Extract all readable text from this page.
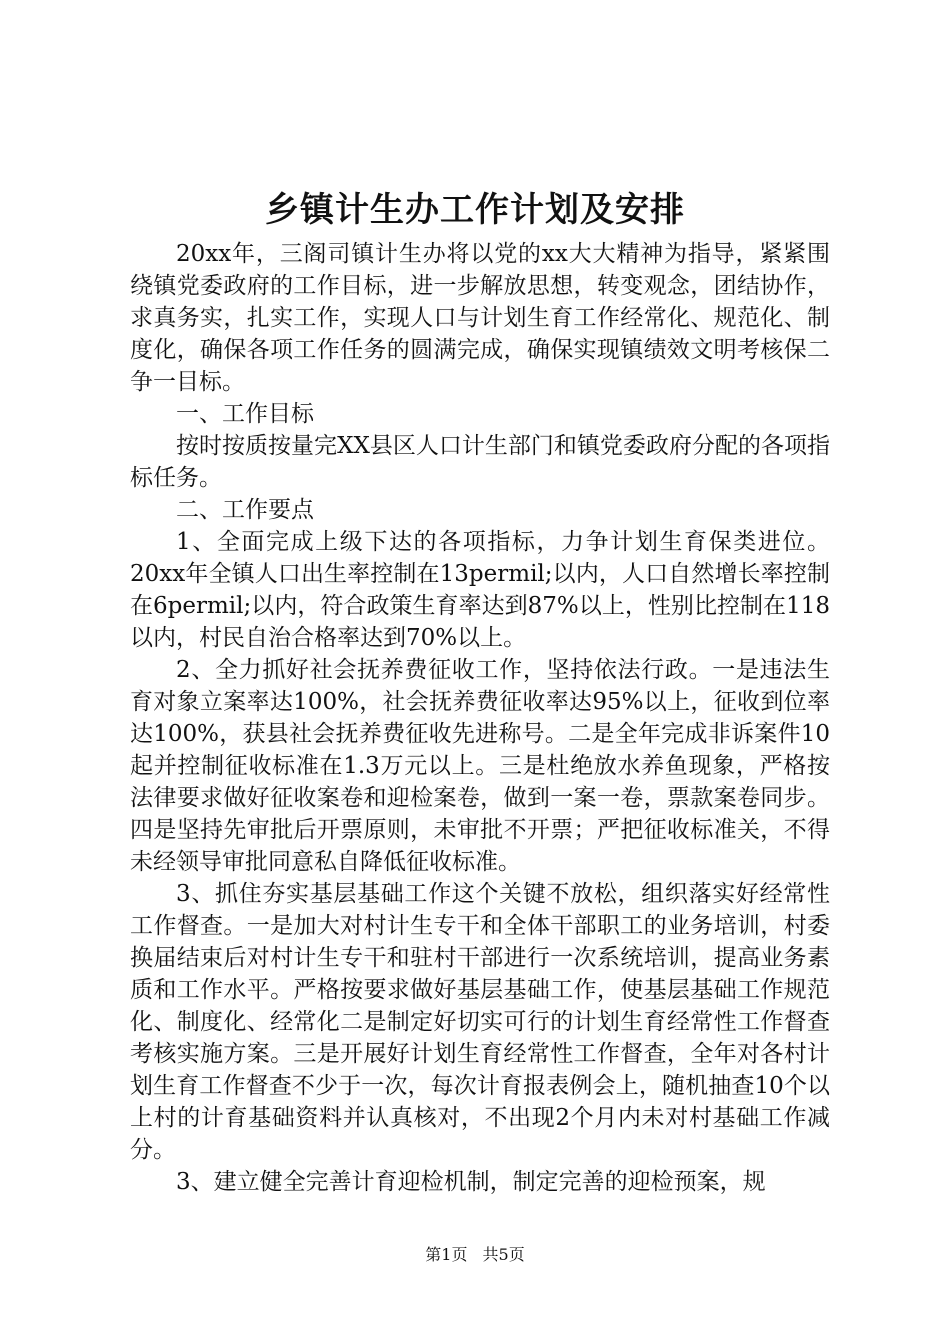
乡镇计生办工作计划及安排

20xx年，三阁司镇计生办将以党的xx大大精神为指导，紧紧围绕镇党委政府的工作目标，进一步解放思想，转变观念，团结协作，求真务实，扎实工作，实现人口与计划生育工作经常化、规范化、制度化，确保各项工作任务的圆满完成，确保实现镇绩效文明考核保二争一目标。

一、工作目标

按时按质按量完XX县区人口计生部门和镇党委政府分配的各项指标任务。

二、工作要点

1、全面完成上级下达的各项指标，力争计划生育保类进位。20xx年全镇人口出生率控制在13permil;以内，人口自然增长率控制在6permil;以内，符合政策生育率达到87%以上，性别比控制在118以内，村民自治合格率达到70%以上。

2、全力抓好社会抚养费征收工作，坚持依法行政。一是违法生育对象立案率达100%，社会抚养费征收率达95%以上，征收到位率达100%，获县社会抚养费征收先进称号。二是全年完成非诉案件10起并控制征收标准在1.3万元以上。三是杜绝放水养鱼现象，严格按法律要求做好征收案卷和迎检案卷，做到一案一卷，票款案卷同步。四是坚持先审批后开票原则，未审批不开票；严把征收标准关，不得未经领导审批同意私自降低征收标准。

3、抓住夯实基层基础工作这个关键不放松，组织落实好经常性工作督查。一是加大对村计生专干和全体干部职工的业务培训，村委换届结束后对村计生专干和驻村干部进行一次系统培训，提高业务素质和工作水平。严格按要求做好基层基础工作，使基层基础工作规范化、制度化、经常化二是制定好切实可行的计划生育经常性工作督查考核实施方案。三是开展好计划生育经常性工作督查，全年对各村计划生育工作督查不少于一次，每次计育报表例会上，随机抽查10个以上村的计育基础资料并认真核对，不出现2个月内未对村基础工作减分。

3、建立健全完善计育迎检机制，制定完善的迎检预案，规

第1页 共5页
